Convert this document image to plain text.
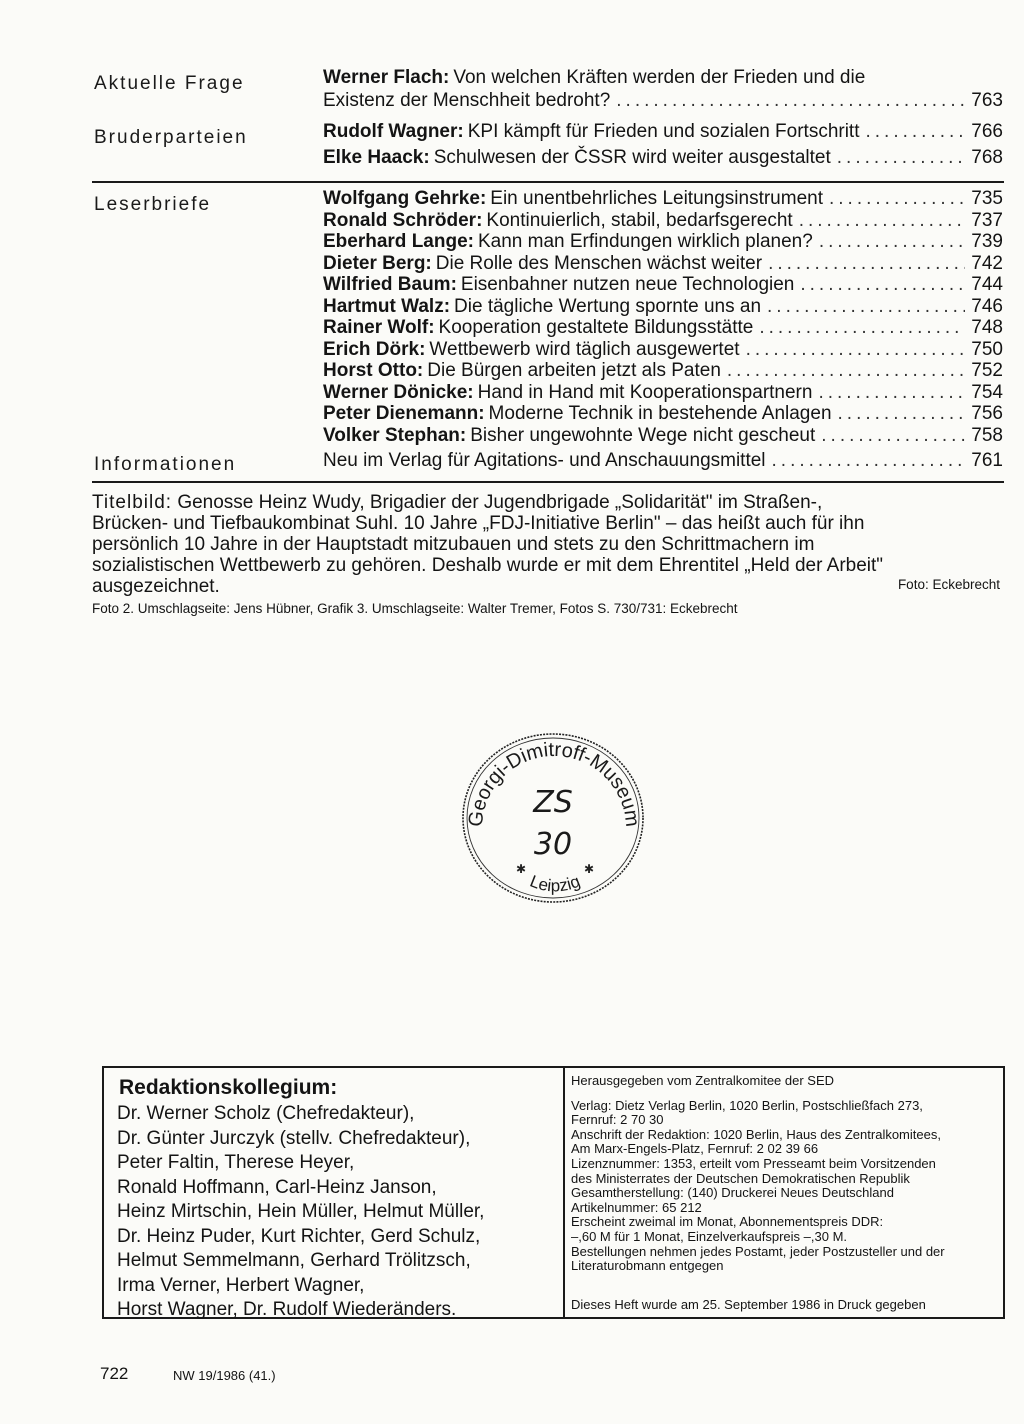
Aktuelle Frage	Werner Flach: Von welchen Kräften werden der Frieden und die
Existenz der Menschheit bedroht? .....	763
Bruderparteien	Rudolf Wagner: KPI kämpft für Frieden und sozialen Fortschritt .....	766
Elke Haack: Schulwesen der ČSSR wird weiter ausgestaltet .....	768
Leserbriefe	Wolfgang Gehrke: Ein unentbehrliches Leitungsinstrument .....	735
Ronald Schröder: Kontinuierlich, stabil, bedarfsgerecht .....	737
Eberhard Lange: Kann man Erfindungen wirklich planen? .....	739
Dieter Berg: Die Rolle des Menschen wächst weiter .....	742
Wilfried Baum: Eisenbahner nutzen neue Technologien .....	744
Hartmut Walz: Die tägliche Wertung spornte uns an .....	746
Rainer Wolf: Kooperation gestaltete Bildungsstätte .....	748
Erich Dörk: Wettbewerb wird täglich ausgewertet .....	750
Horst Otto: Die Bürgen arbeiten jetzt als Paten .....	752
Werner Dönicke: Hand in Hand mit Kooperationspartnern .....	754
Peter Dienemann: Moderne Technik in bestehende Anlagen .....	756
Volker Stephan: Bisher ungewohnte Wege nicht gescheut .....	758
Informationen	Neu im Verlag für Agitations- und Anschauungsmittel .....	761
Titelbild: Genosse Heinz Wudy, Brigadier der Jugendbrigade „Solidarität" im Straßen-,
Brücken- und Tiefbaukombinat Suhl. 10 Jahre „FDJ-Initiative Berlin" – das heißt auch für ihn
persönlich 10 Jahre in der Hauptstadt mitzubauen und stets zu den Schrittmachern im
sozialistischen Wettbewerb zu gehören. Deshalb wurde er mit dem Ehrentitel „Held der Arbeit"
ausgezeichnet.	Foto: Eckebrecht
Foto 2. Umschlagseite: Jens Hübner, Grafik 3. Umschlagseite: Walter Tremer, Fotos S. 730/731: Eckebrecht
Georgi-Dimitroff-Museum
Leipzig
✱	✱
ZS
30
Redaktionskollegium:
Dr. Werner Scholz (Chefredakteur),
Dr. Günter Jurczyk (stellv. Chefredakteur),
Peter Faltin, Therese Heyer,
Ronald Hoffmann, Carl-Heinz Janson,
Heinz Mirtschin, Hein Müller, Helmut Müller,
Dr. Heinz Puder, Kurt Richter, Gerd Schulz,
Helmut Semmelmann, Gerhard Trölitzsch,
Irma Verner, Herbert Wagner,
Horst Wagner, Dr. Rudolf Wiederänders.

Herausgegeben vom Zentralkomitee der SED

Verlag: Dietz Verlag Berlin, 1020 Berlin, Postschließfach 273,

Fernruf: 2 70 30

Anschrift der Redaktion: 1020 Berlin, Haus des Zentralkomitees,

Am Marx-Engels-Platz, Fernruf: 2 02 39 66

Lizenznummer: 1353, erteilt vom Presseamt beim Vorsitzenden

des Ministerrates der Deutschen Demokratischen Republik

Gesamtherstellung: (140) Druckerei Neues Deutschland

Artikelnummer: 65 212

Erscheint zweimal im Monat, Abonnementspreis DDR:

–,60 M für 1 Monat, Einzelverkaufspreis –,30 M.

Bestellungen nehmen jedes Postamt, jeder Postzusteller und der

Literaturobmann entgegen

Dieses Heft wurde am 25. September 1986 in Druck gegeben

722	NW 19/1986 (41.)
